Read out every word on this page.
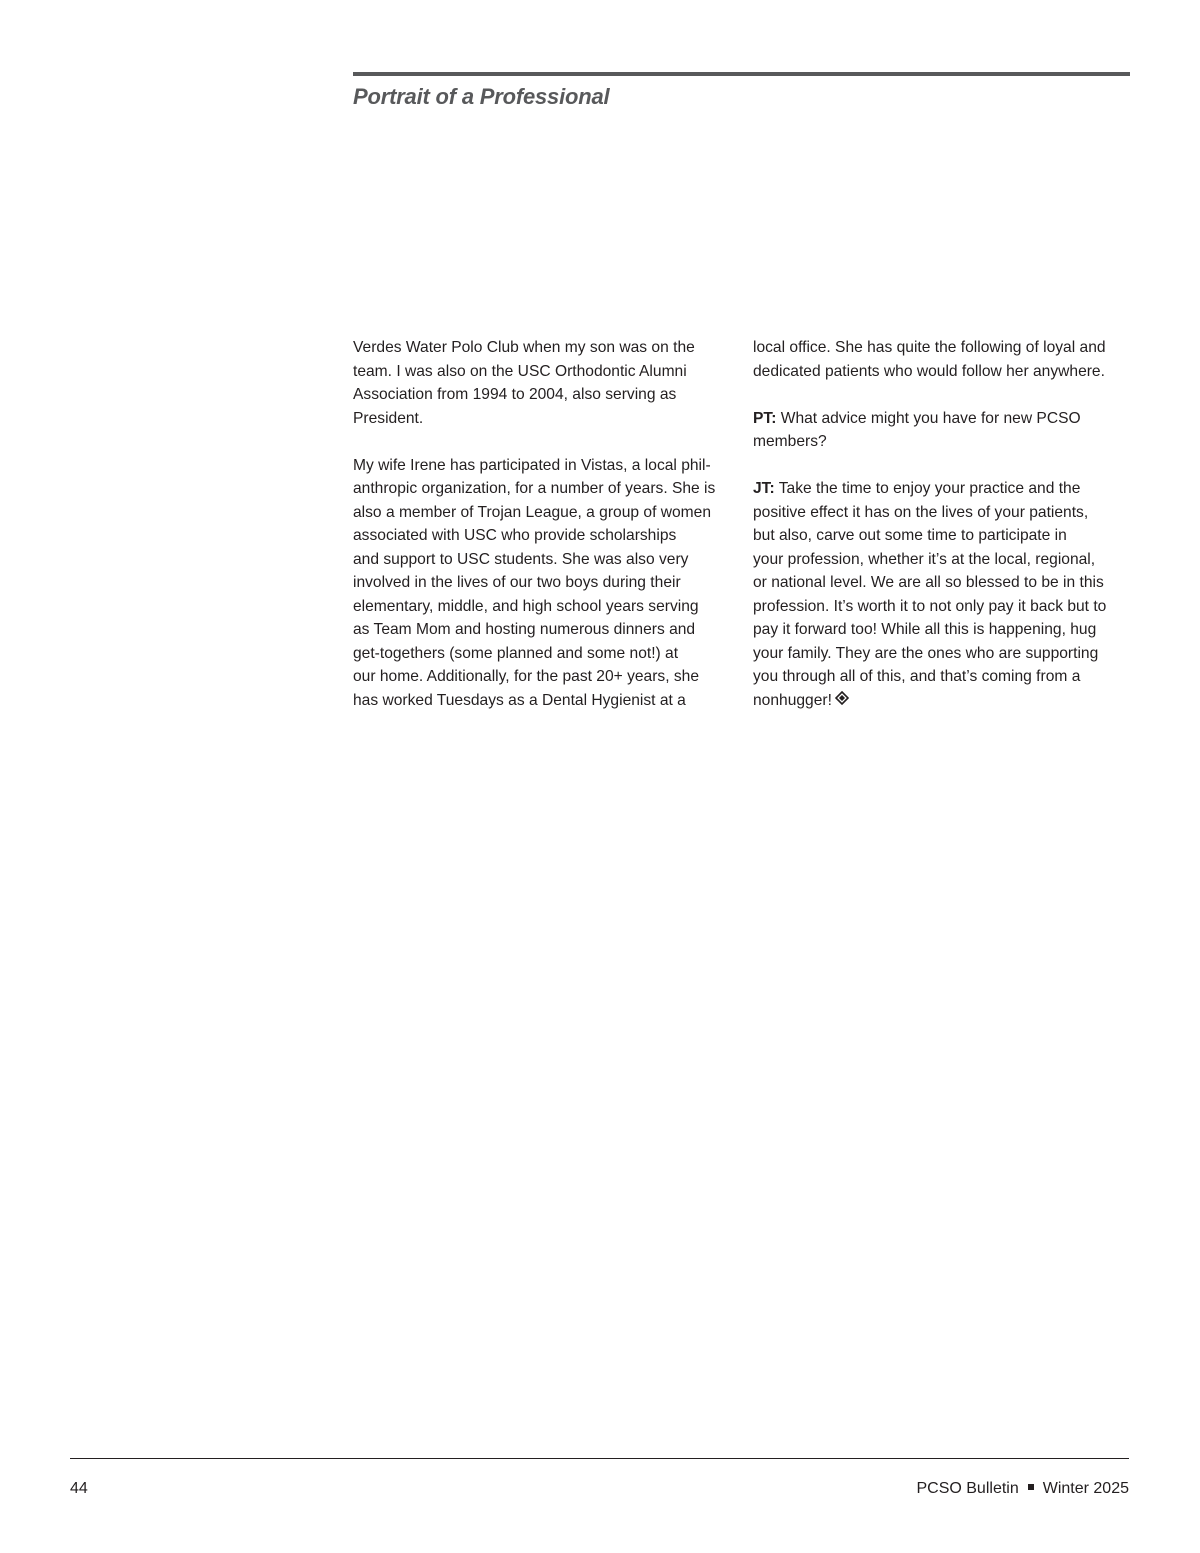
Portrait of a Professional
Verdes Water Polo Club when my son was on the
team. I was also on the USC Orthodontic Alumni
Association from 1994 to 2004, also serving as
President.
My wife Irene has participated in Vistas, a local phil-
anthropic organization, for a number of years. She is
also a member of Trojan League, a group of women
associated with USC who provide scholarships
and support to USC students. She was also very
involved in the lives of our two boys during their
elementary, middle, and high school years serving
as Team Mom and hosting numerous dinners and
get-togethers (some planned and some not!) at
our home. Additionally, for the past 20+ years, she
has worked Tuesdays as a Dental Hygienist at a
local office. She has quite the following of loyal and
dedicated patients who would follow her anywhere.
PT: What advice might you have for new PCSO
members?
JT: Take the time to enjoy your practice and the
positive effect it has on the lives of your patients,
but also, carve out some time to participate in
your profession, whether it’s at the local, regional,
or national level. We are all so blessed to be in this
profession. It’s worth it to not only pay it back but to
pay it forward too! While all this is happening, hug
your family. They are the ones who are supporting
you through all of this, and that’s coming from a
nonhugger!
44	PCSO Bulletin Winter 2025
